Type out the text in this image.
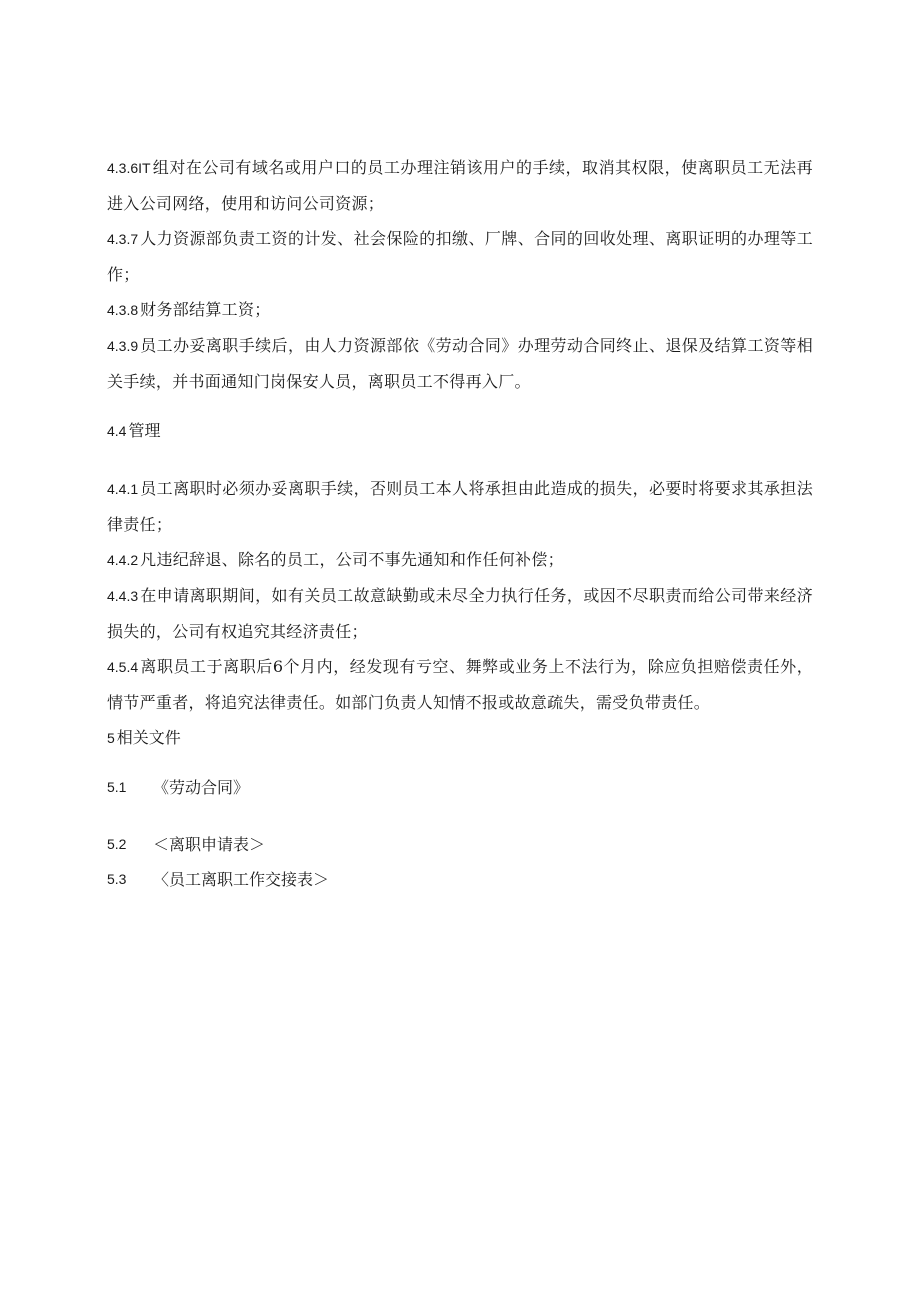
4.3.6IT 组对在公司有域名或用户口的员工办理注销该用户的手续，取消其权限，使离职员工无法再进入公司网络，使用和访问公司资源；

4.3.7 人力资源部负责工资的计发、社会保险的扣缴、厂牌、合同的回收处理、离职证明的办理等工作；

4.3.8 财务部结算工资；

4.3.9 员工办妥离职手续后，由人力资源部依《劳动合同》办理劳动合同终止、退保及结算工资等相关手续，并书面通知门岗保安人员，离职员工不得再入厂。

4.4 管理

4.4.1 员工离职时必须办妥离职手续，否则员工本人将承担由此造成的损失，必要时将要求其承担法律责任；

4.4.2 凡违纪辞退、除名的员工，公司不事先通知和作任何补偿；

4.4.3 在申请离职期间，如有关员工故意缺勤或未尽全力执行任务，或因不尽职责而给公司带来经济损失的，公司有权追究其经济责任；

4.5.4 离职员工于离职后6个月内，经发现有亏空、舞弊或业务上不法行为，除应负担赔偿责任外，情节严重者，将追究法律责任。如部门负责人知情不报或故意疏失，需受负带责任。

5 相关文件

5.1	《劳动合同》

5.2	＜离职申请表＞

5.3	〈员工离职工作交接表＞
